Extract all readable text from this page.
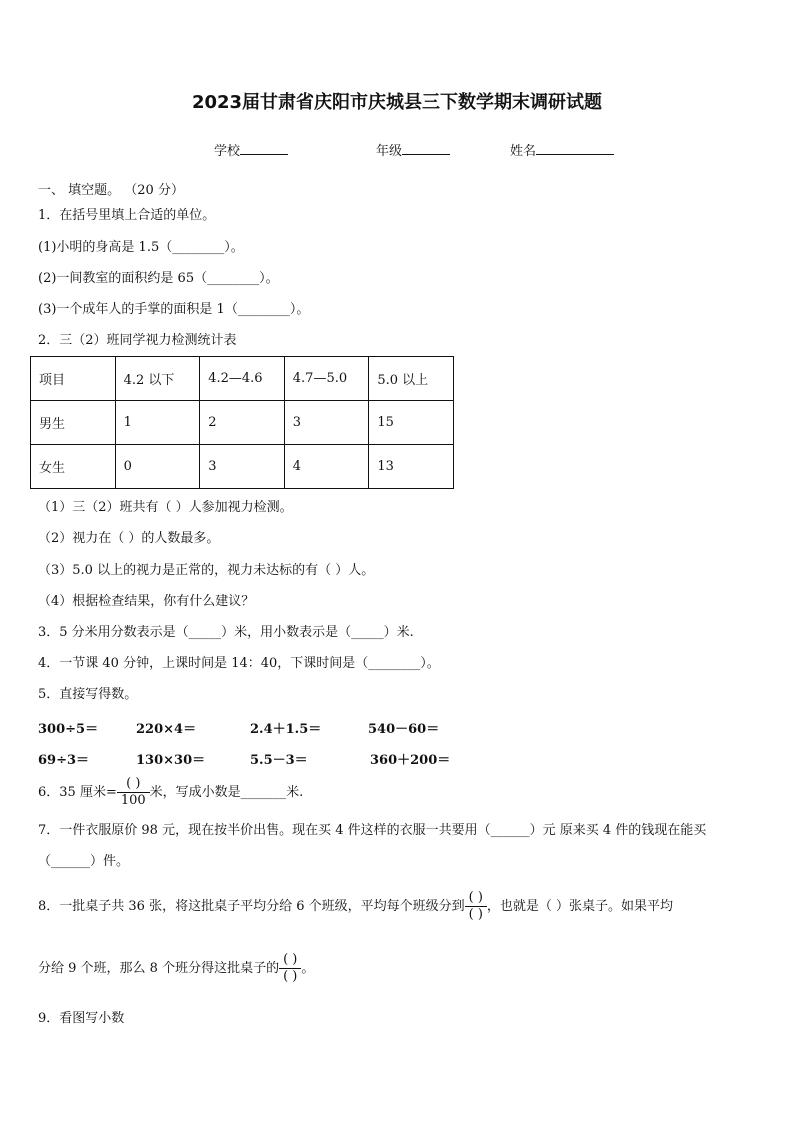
2023届甘肃省庆阳市庆城县三下数学期末调研试题
学校	年级	姓名
一、 填空题。 （20 分）
1．在括号里填上合适的单位。
(1)小明的身高是 1.5（________）。
(2)一间教室的面积约是 65（________）。
(3)一个成年人的手掌的面积是 1（________）。
2．三（2）班同学视力检测统计表
项目	4.2 以下	4.2—4.6	4.7—5.0	5.0 以上
男生	1	2	3	15
女生	0	3	4	13
（1）三（2）班共有（ ）人参加视力检测。
（2）视力在（ ）的人数最多。
（3）5.0 以上的视力是正常的，视力未达标的有（ ）人。
（4）根据检查结果，你有什么建议？
3．5 分米用分数表示是（_____）米，用小数表示是（_____）米.
4．一节课 40 分钟，上课时间是 14：40，下课时间是（________）。
5．直接写得数。
300÷5＝	220×4＝	2.4＋1.5＝	540－60＝
69÷3＝	130×30＝	5.5－3＝	360＋200＝
6．35 厘米= $\frac{( )}{100}$ 米，写成小数是_______米.
7．一件衣服原价 98 元，现在按半价出售。现在买 4 件这样的衣服一共要用（______）元 原来买 4 件的钱现在能买
（______）件。
8．一批桌子共 36 张，将这批桌子平均分给 6 个班级，平均每个班级分到 $\frac{( )}{( )}$ ，也就是（ ）张桌子。如果平均
分给 9 个班，那么 8 个班分得这批桌子的 $\frac{( )}{( )}$ 。
9．看图写小数
